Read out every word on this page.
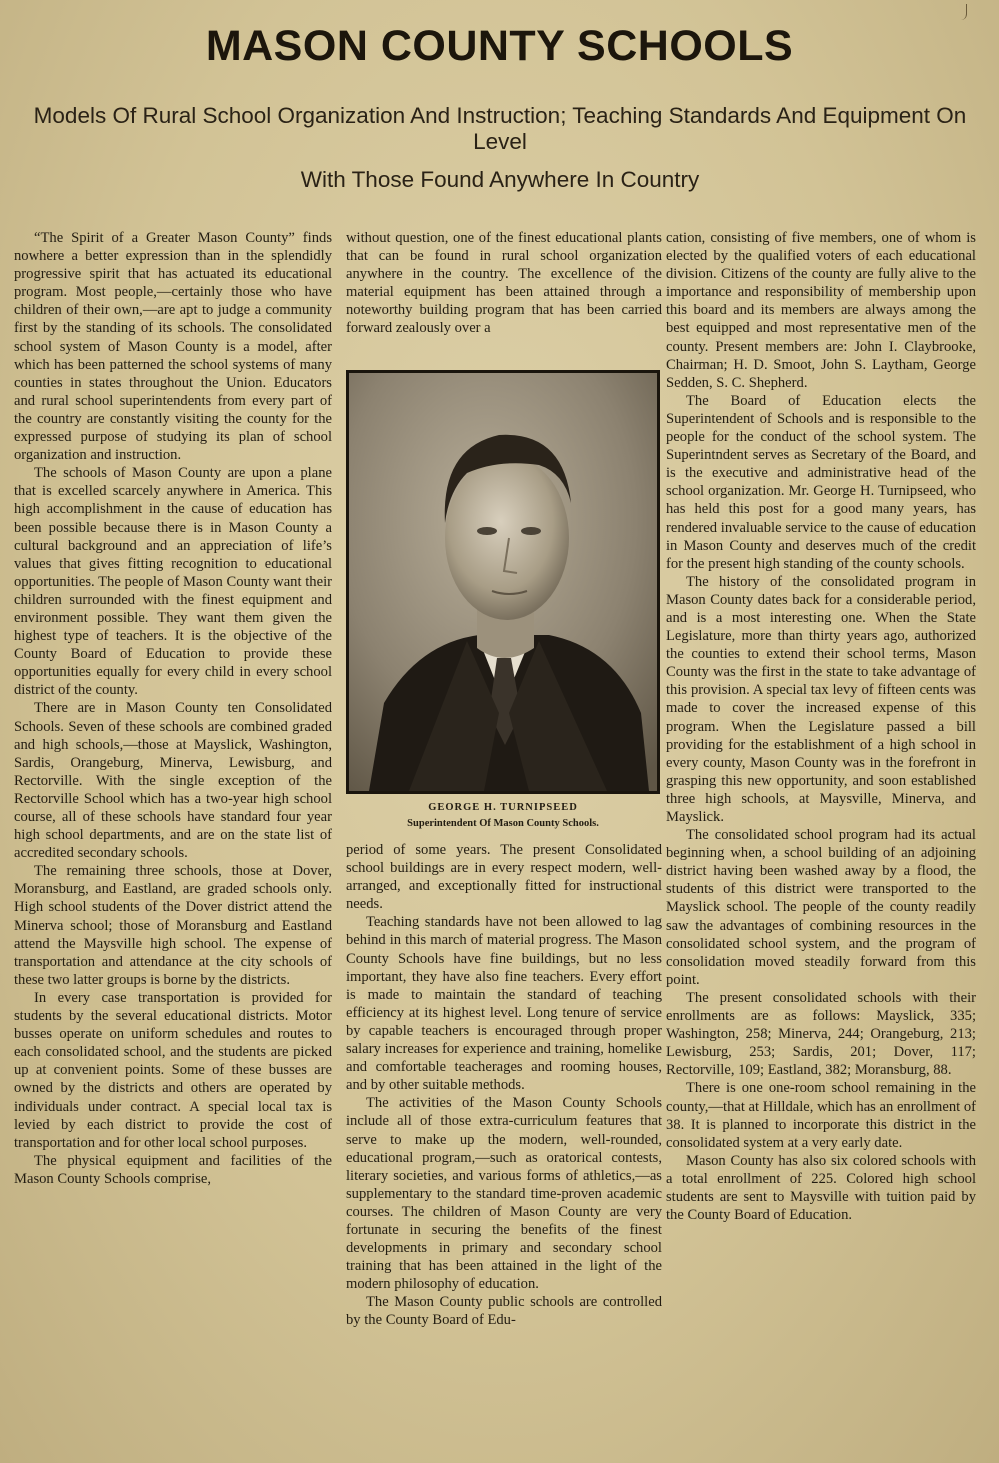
MASON COUNTY SCHOOLS
Models Of Rural School Organization And Instruction; Teaching Standards And Equipment On Level
With Those Found Anywhere In Country

“The Spirit of a Greater Mason County” finds nowhere a better expression than in the splendidly progressive spirit that has actuated its educational program. Most people,—certainly those who have children of their own,—are apt to judge a community first by the standing of its schools. The consolidated school system of Mason County is a model, after which has been patterned the school systems of many counties in states throughout the Union. Educators and rural school superintendents from every part of the country are constantly visiting the county for the expressed purpose of studying its plan of school organization and instruction.

The schools of Mason County are upon a plane that is excelled scarcely anywhere in America. This high accomplishment in the cause of education has been possible because there is in Mason County a cultural background and an appreciation of life’s values that gives fitting recognition to educational opportunities. The people of Mason County want their children surrounded with the finest equipment and environment possible. They want them given the highest type of teachers. It is the objective of the County Board of Education to provide these opportunities equally for every child in every school district of the county.

There are in Mason County ten Consolidated Schools. Seven of these schools are combined graded and high schools,—those at Mayslick, Washington, Sardis, Orangeburg, Minerva, Lewisburg, and Rectorville. With the single exception of the Rectorville School which has a two-year high school course, all of these schools have standard four year high school departments, and are on the state list of accredited secondary schools.

The remaining three schools, those at Dover, Moransburg, and Eastland, are graded schools only. High school students of the Dover district attend the Minerva school; those of Moransburg and Eastland attend the Maysville high school. The expense of transportation and attendance at the city schools of these two latter groups is borne by the districts.

In every case transportation is provided for students by the several educational districts. Motor busses operate on uniform schedules and routes to each consolidated school, and the students are picked up at convenient points. Some of these busses are owned by the districts and others are operated by individuals under contract. A special local tax is levied by each district to provide the cost of transportation and for other local school purposes.

The physical equipment and facilities of the Mason County Schools comprise,

without question, one of the finest educational plants that can be found in rural school organization anywhere in the country. The excellence of the material equipment has been attained through a noteworthy building program that has been carried forward zealously over a

GEORGE H. TURNIPSEED
Superintendent Of Mason County Schools.

period of some years. The present Consolidated school buildings are in every respect modern, well-arranged, and exceptionally fitted for instructional needs.

Teaching standards have not been allowed to lag behind in this march of material progress. The Mason County Schools have fine buildings, but no less important, they have also fine teachers. Every effort is made to maintain the standard of teaching efficiency at its highest level. Long tenure of service by capable teachers is encouraged through proper salary increases for experience and training, homelike and comfortable teacherages and rooming houses, and by other suitable methods.

The activities of the Mason County Schools include all of those extra-curriculum features that serve to make up the modern, well-rounded, educational program,—such as oratorical contests, literary societies, and various forms of athletics,—as supplementary to the standard time-proven academic courses. The children of Mason County are very fortunate in securing the benefits of the finest developments in primary and secondary school training that has been attained in the light of the modern philosophy of education.

The Mason County public schools are controlled by the County Board of Edu-

cation, consisting of five members, one of whom is elected by the qualified voters of each educational division. Citizens of the county are fully alive to the importance and responsibility of membership upon this board and its members are always among the best equipped and most representative men of the county. Present members are: John I. Claybrooke, Chairman; H. D. Smoot, John S. Laytham, George Sedden, S. C. Shepherd.

The Board of Education elects the Superintendent of Schools and is responsible to the people for the conduct of the school system. The Superintndent serves as Secretary of the Board, and is the executive and administrative head of the school organization. Mr. George H. Turnipseed, who has held this post for a good many years, has rendered invaluable service to the cause of education in Mason County and deserves much of the credit for the present high standing of the county schools.

The history of the consolidated program in Mason County dates back for a considerable period, and is a most interesting one. When the State Legislature, more than thirty years ago, authorized the counties to extend their school terms, Mason County was the first in the state to take advantage of this provision. A special tax levy of fifteen cents was made to cover the increased expense of this program. When the Legislature passed a bill providing for the establishment of a high school in every county, Mason County was in the forefront in grasping this new opportunity, and soon established three high schools, at Maysville, Minerva, and Mayslick.

The consolidated school program had its actual beginning when, a school building of an adjoining district having been washed away by a flood, the students of this district were transported to the Mayslick school. The people of the county readily saw the advantages of combining resources in the consolidated school system, and the program of consolidation moved steadily forward from this point.

The present consolidated schools with their enrollments are as follows: Mayslick, 335; Washington, 258; Minerva, 244; Orangeburg, 213; Lewisburg, 253; Sardis, 201; Dover, 117; Rectorville, 109; Eastland, 382; Moransburg, 88.

There is one one-room school remaining in the county,—that at Hilldale, which has an enrollment of 38. It is planned to incorporate this district in the consolidated system at a very early date.

Mason County has also six colored schools with a total enrollment of 225. Colored high school students are sent to Maysville with tuition paid by the County Board of Education.
